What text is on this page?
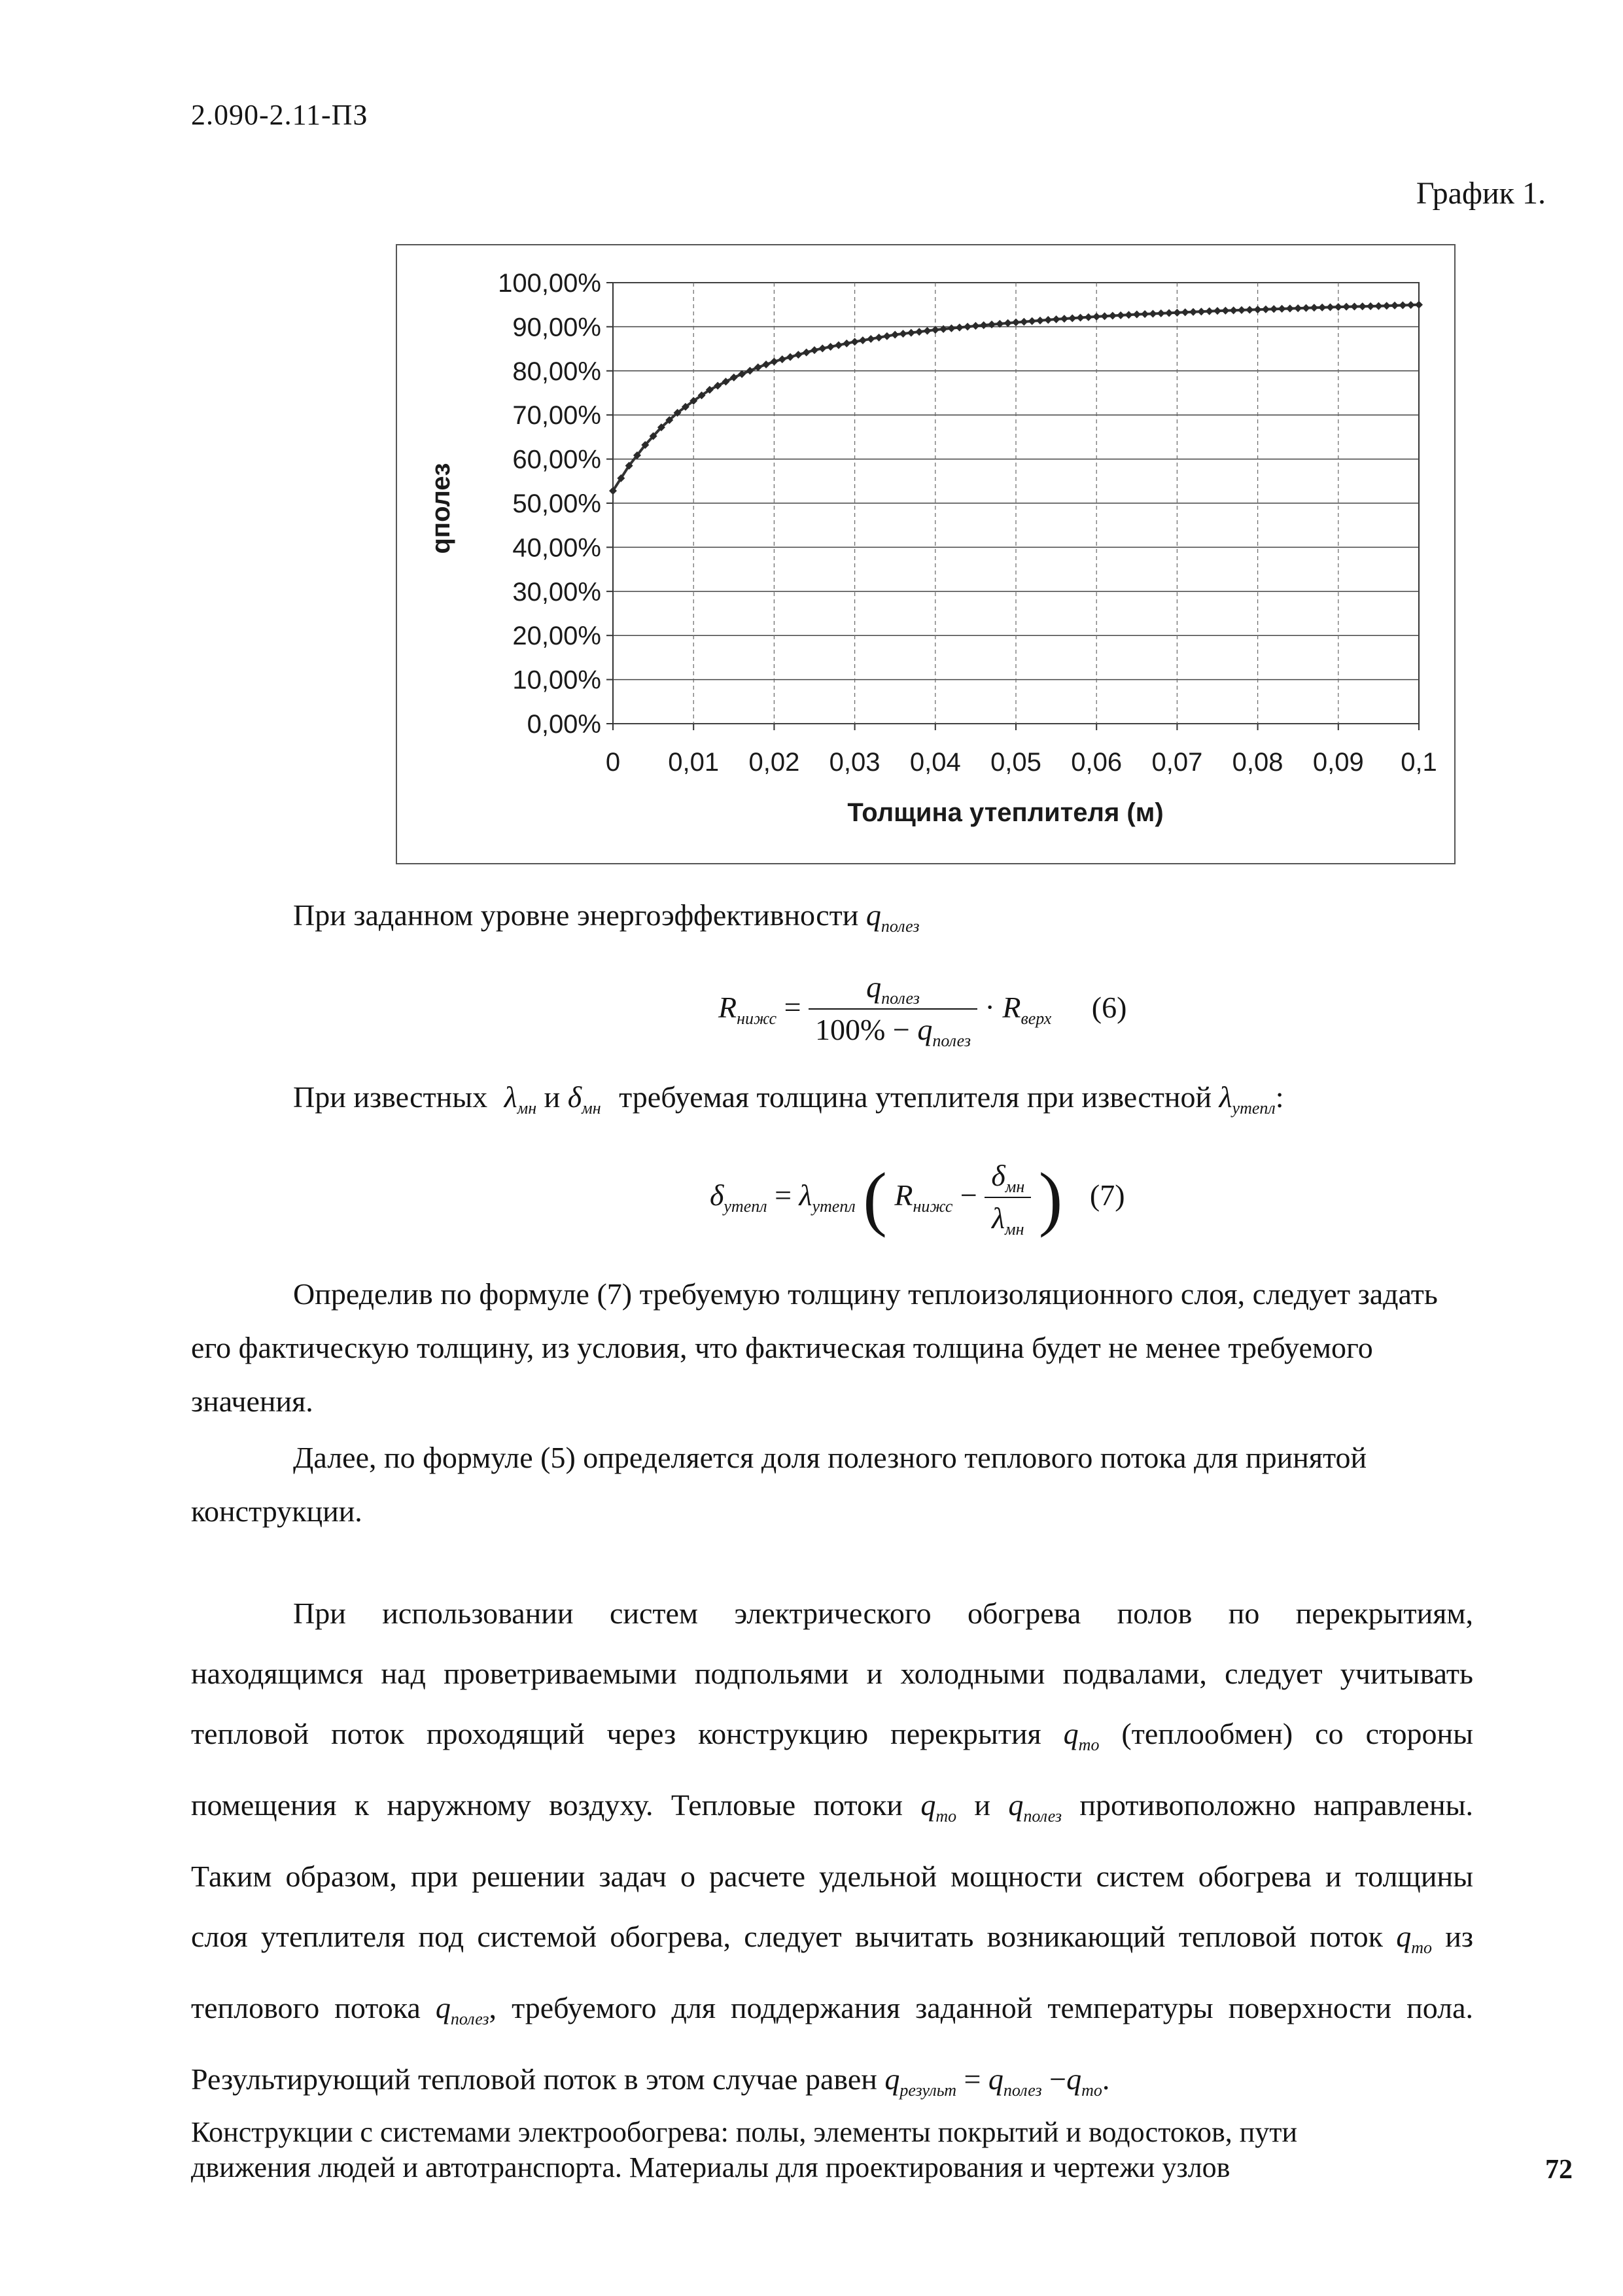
2.090-2.11-ПЗ
График 1.
0,00%
10,00%
20,00%
30,00%
40,00%
50,00%
60,00%
70,00%
80,00%
90,00%
100,00%
0 0,01 0,02 0,03 0,04 0,05 0,06 0,07 0,08 0,09 0,1
Толщина утеплителя (м)
qполез
При заданном уровне энергоэффективности $q_{полез}$
$R_{нижс} = \frac{q_{полез}}{100\% - q_{полез}} \cdot R_{верх}$ (6)
При известных $\lambda_{мн}$ и $\delta_{мн}$ требуемая толщина утеплителя при известной $\lambda_{утепл}$:
$\delta_{утепл} = \lambda_{утепл}$ ( $R_{нижс} - \frac{\delta_{мн}}{\lambda_{мн}}$ ) (7)
Определив по формуле (7) требуемую толщину теплоизоляционного слоя, следует задать
его фактическую толщину, из условия, что фактическая толщина будет не менее требуемого
значения.
Далее, по формуле (5) определяется доля полезного теплового потока для принятой
конструкции.
При использовании систем электрического обогрева полов по перекрытиям,
находящимся над проветриваемыми подпольями и холодными подвалами, следует учитывать
тепловой поток проходящий через конструкцию перекрытия $q_{то}$ (теплообмен) со стороны
помещения к наружному воздуху. Тепловые потоки $q_{то}$ и $q_{полез}$ противоположно направлены.
Таким образом, при решении задач о расчете удельной мощности систем обогрева и толщины
слоя утеплителя под системой обогрева, следует вычитать возникающий тепловой поток $q_{то}$ из
теплового потока $q_{полез}$, требуемого для поддержания заданной температуры поверхности пола.
Результирующий тепловой поток в этом случае равен $q_{результ} = q_{полез} -q_{то}$.
Конструкции с системами электрообогрева: полы, элементы покрытий и водостоков, пути
движения людей и автотранспорта. Материалы для проектирования и чертежи узлов	72
